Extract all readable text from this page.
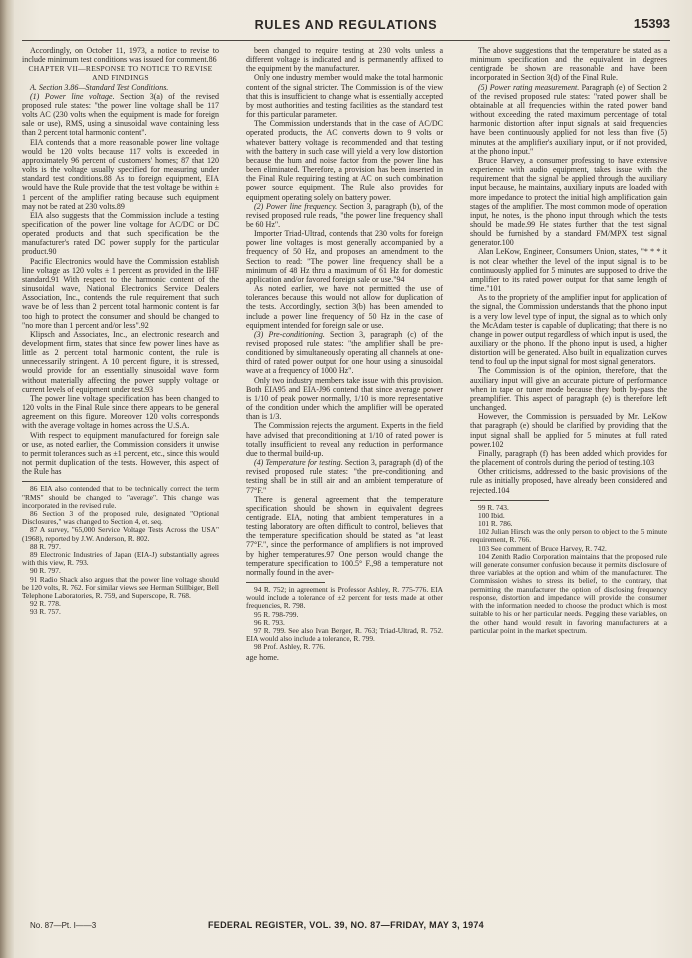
RULES AND REGULATIONS	15393

Accordingly, on October 11, 1973, a notice to revise to include minimum test conditions was issued for comment.86

CHAPTER VII—RESPONSE TO NOTICE TO REVISE AND FINDINGS

A. Section 3.86—Standard Test Conditions.

(1) Power line voltage. Section 3(a) of the revised proposed rule states: "the power line voltage shall be 117 volts AC (230 volts when the equipment is made for foreign sale or use), RMS, using a sinusoidal wave containing less than 2 percent total harmonic content".

EIA contends that a more reasonable power line voltage would be 120 volts because 117 volts is exceeded in approximately 96 percent of customers' homes; 87 that 120 volts is the voltage usually specified for measuring under standard test conditions.88 As to foreign equipment, EIA would have the Rule provide that the test voltage be within ± 1 percent of the amplifier rating because such equipment may not be rated at 230 volts.89

EIA also suggests that the Commission include a testing specification of the power line voltage for AC/DC or DC operated products and that such specification be the manufacturer's rated DC power supply for the particular product.90

Pacific Electronics would have the Commission establish line voltage as 120 volts ± 1 percent as provided in the IHF standard.91 With respect to the harmonic content of the sinusoidal wave, National Electronics Service Dealers Association, Inc., contends the rule requirement that such wave be of less than 2 percent total harmonic content is far too high to protect the consumer and should be changed to "no more than 1 percent and/or less".92

Klipsch and Associates, Inc., an electronic research and development firm, states that since few power lines have as little as 2 percent total harmonic content, the rule is unnecessarily stringent. A 10 percent figure, it is stressed, would provide for an essentially sinusoidal wave form without materially affecting the power supply voltage or current levels of equipment under test.93

The power line voltage specification has been changed to 120 volts in the Final Rule since there appears to be general agreement on this figure. Moreover 120 volts corresponds with the average voltage in homes across the U.S.A.

With respect to equipment manufactured for foreign sale or use, as noted earlier, the Commission considers it unwise to permit tolerances such as ±1 percent, etc., since this would not permit duplication of the tests. However, this aspect of the Rule has

86 EIA also contended that to be technically correct the term "RMS" should be changed to "average". This change was incorporated in the revised rule.

86 Section 3 of the proposed rule, designated "Optional Disclosures," was changed to Section 4, et. seq.

87 A survey, "65,000 Service Voltage Tests Across the USA" (1968), reported by J.W. Anderson, R. 802.

88 R. 797.

89 Electronic Industries of Japan (EIA-J) substantially agrees with this view, R. 793.

90 R. 797.

91 Radio Shack also argues that the power line voltage should be 120 volts, R. 762. For similar views see Herman Stillbiger, Bell Telephone Laboratories, R. 759, and Superscope, R. 768.

92 R. 778.

93 R. 757.

been changed to require testing at 230 volts unless a different voltage is indicated and is permanently affixed to the equipment by the manufacturer.

Only one industry member would make the total harmonic content of the signal stricter. The Commission is of the view that this is insufficient to change what is essentially accepted by most authorities and testing facilities as the standard test for this particular parameter.

The Commission understands that in the case of AC/DC operated products, the AC converts down to 9 volts or whatever battery voltage is recommended and that testing with the battery in such case will yield a very low distortion because the hum and noise factor from the power line has been eliminated. Therefore, a provision has been inserted in the Final Rule requiring testing at AC on such combination power source equipment. The Rule also provides for equipment operating solely on battery power.

(2) Power line frequency. Section 3, paragraph (b), of the revised proposed rule reads, "the power line frequency shall be 60 Hz".

Importer Triad-Ultrad, contends that 230 volts for foreign power line voltages is most generally accompanied by a frequency of 50 Hz, and proposes an amendment to the Section to read: "The power line frequency shall be a minimum of 48 Hz thru a maximum of 61 Hz for domestic application and/or favored foreign sale or use."94

As noted earlier, we have not permitted the use of tolerances because this would not allow for duplication of the tests. Accordingly, section 3(b) has been amended to include a power line frequency of 50 Hz in the case of equipment intended for foreign sale or use.

(3) Pre-conditioning. Section 3, paragraph (c) of the revised proposed rule states: "the amplifier shall be pre-conditioned by simultaneously operating all channels at one-third of rated power output for one hour using a sinusoidal wave at a frequency of 1000 Hz".

Only two industry members take issue with this provision. Both EIA95 and EIA-J96 contend that since average power is 1/10 of peak power normally, 1/10 is more representative of the condition under which the amplifier will be operated than is 1/3.

The Commission rejects the argument. Experts in the field have advised that preconditioning at 1/10 of rated power is totally insufficient to reveal any reduction in performance due to thermal build-up.

(4) Temperature for testing. Section 3, paragraph (d) of the revised proposed rule states: "the pre-conditioning and testing shall be in still air and an ambient temperature of 77°F."

There is general agreement that the temperature specification should be shown in equivalent degrees centigrade. EIA, noting that ambient temperatures in a testing laboratory are often difficult to control, believes that the temperature specification should be stated as "at least 77°F.", since the performance of amplifiers is not improved by higher temperatures.97 One person would change the temperature specification to 100.5° F.,98 a temperature not normally found in the aver-

94 R. 752; in agreement is Professor Ashley, R. 775-776. EIA would include a tolerance of ±2 percent for tests made at other frequencies, R. 798.

95 R. 798-799.

96 R. 793.

97 R. 799. See also Ivan Berger, R. 763; Triad-Ultrad, R. 752. EIA would also include a tolerance, R. 799.

98 Prof. Ashley, R. 776.

age home.

The above suggestions that the temperature be stated as a minimum specification and the equivalent in degrees centigrade be shown are reasonable and have been incorporated in Section 3(d) of the Final Rule.

(5) Power rating measurement. Paragraph (e) of Section 2 of the revised proposed rule states: "rated power shall be obtainable at all frequencies within the rated power band without exceeding the rated maximum percentage of total harmonic distortion after input signals at said frequencies have been continuously applied for not less than five (5) minutes at the amplifier's auxiliary input, or if not provided, at the phono input."

Bruce Harvey, a consumer professing to have extensive experience with audio equipment, takes issue with the requirement that the signal be applied through the auxiliary input because, he maintains, auxiliary inputs are loaded with more impedance to protect the initial high amplification gain stages of the amplifier. The most common mode of operation input, he notes, is the phono input through which the tests should be made.99 He states further that the test signal should be furnished by a standard FM/MPX test signal generator.100

Alan LeKow, Engineer, Consumers Union, states, "* * * it is not clear whether the level of the input signal is to be continuously applied for 5 minutes are supposed to drive the amplifier to its rated power output for that same length of time."101

As to the propriety of the amplifier input for application of the signal, the Commission understands that the phono input is a very low level type of input, the signal as to which only the McAdam tester is capable of duplicating; that there is no change in power output regardless of which input is used, the auxiliary or the phono. If the phono input is used, a higher distortion will be generated. Also built in equalization curves tend to foul up the input signal for most signal generators.

The Commission is of the opinion, therefore, that the auxiliary input will give an accurate picture of performance when in tape or tuner mode because they both by-pass the preamplifier. This aspect of paragraph (e) is therefore left unchanged.

However, the Commission is persuaded by Mr. LeKow that paragraph (e) should be clarified by providing that the input signal shall be applied for 5 minutes at full rated power.102

Finally, paragraph (f) has been added which provides for the placement of controls during the period of testing.103

Other criticisms, addressed to the basic provisions of the rule as initially proposed, have already been considered and rejected.104

99 R. 743.

100 Ibid.

101 R. 786.

102 Julian Hirsch was the only person to object to the 5 minute requirement, R. 766.

103 See comment of Bruce Harvey, R. 742.

104 Zenith Radio Corporation maintains that the proposed rule will generate consumer confusion because it permits disclosure of three variables at the option and whim of the manufacturer. The Commission wishes to stress its belief, to the contrary, that permitting the manufacturer the option of disclosing frequency response, distortion and impedance will provide the consumer with the information needed to choose the product which is most suitable to his or her particular needs. Pegging these variables, on the other hand would result in favoring manufacturers at a particular point in the market spectrum.

No. 87—Pt. I——3	FEDERAL REGISTER, VOL. 39, NO. 87—FRIDAY, MAY 3, 1974
